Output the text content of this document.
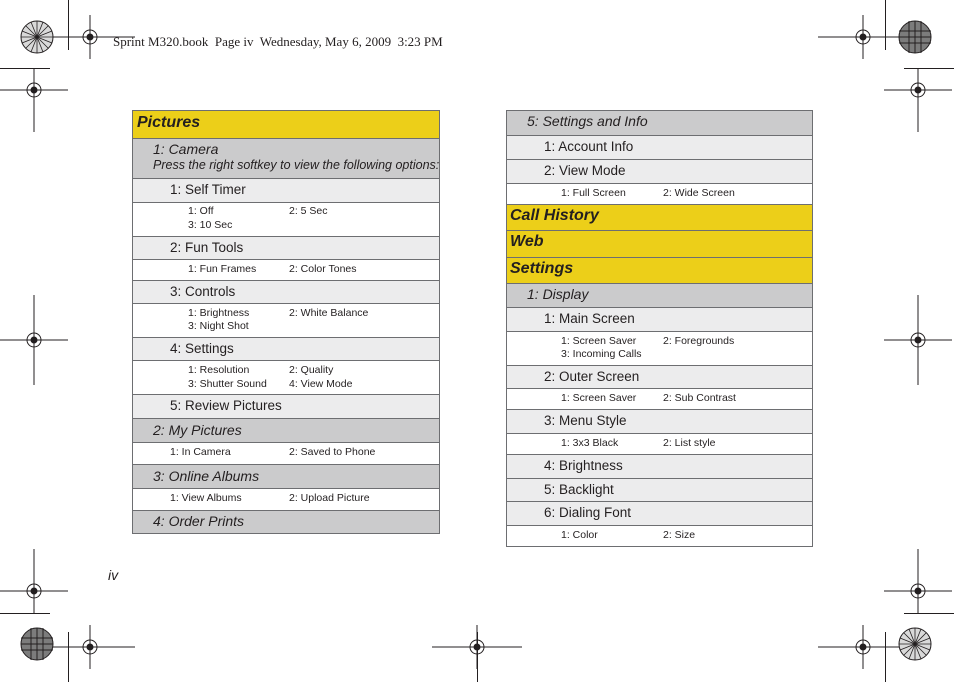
Sprint M320.book  Page iv  Wednesday, May 6, 2009  3:23 PM
Pictures
1: Camera
Press the right softkey to view the following options:
1: Self Timer
1: Off	2: 5 Sec
3: 10 Sec
2: Fun Tools
1: Fun Frames	2: Color Tones
3: Controls
1: Brightness	2: White Balance
3: Night Shot
4: Settings
1: Resolution	2: Quality
3: Shutter Sound 4: View Mode
5: Review Pictures
2: My Pictures
1: In Camera	2: Saved to Phone
3: Online Albums
1: View Albums	2: Upload Picture
4: Order Prints
5: Settings and Info
1: Account Info
2: View Mode
1: Full Screen	2: Wide Screen
Call History
Web
Settings
1: Display
1: Main Screen
1: Screen Saver	2: Foregrounds
3: Incoming Calls
2: Outer Screen
1: Screen Saver	2: Sub Contrast
3: Menu Style
1: 3x3 Black	2: List style
4: Brightness
5: Backlight
6: Dialing Font
1: Color	2: Size
iv
